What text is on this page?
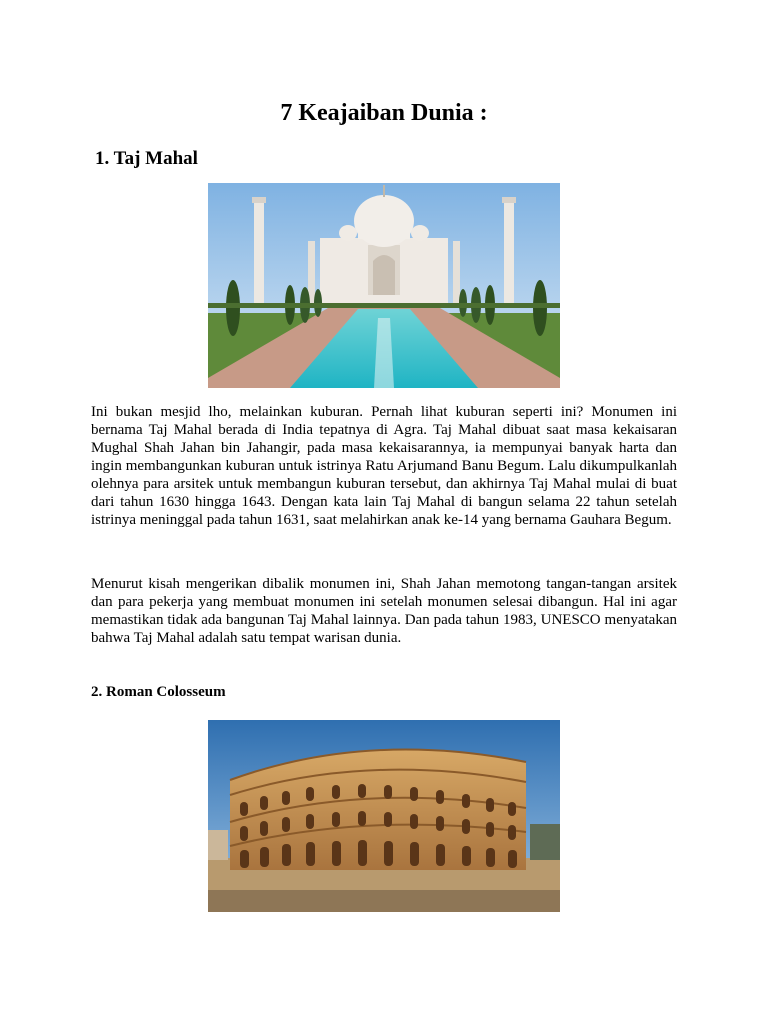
7 Keajaiban Dunia :
1. Taj Mahal

Ini bukan mesjid lho, melainkan kuburan. Pernah lihat kuburan seperti ini? Monumen ini bernama Taj Mahal berada di India tepatnya di Agra. Taj Mahal dibuat saat masa kekaisaran Mughal Shah Jahan bin Jahangir, pada masa kekaisarannya, ia mempunyai banyak harta dan ingin membangunkan kuburan untuk istrinya Ratu Arjumand Banu Begum. Lalu dikumpulkanlah olehnya para arsitek untuk membangun kuburan tersebut, dan akhirnya Taj Mahal mulai di buat dari tahun 1630 hingga 1643. Dengan kata lain Taj Mahal di bangun selama 22 tahun setelah istrinya meninggal pada tahun 1631, saat melahirkan anak ke-14 yang bernama Gauhara Begum.

Menurut kisah mengerikan dibalik monumen ini, Shah Jahan memotong tangan-tangan arsitek dan para pekerja yang membuat monumen ini setelah monumen selesai dibangun. Hal ini agar memastikan tidak ada bangunan Taj Mahal lainnya. Dan pada tahun 1983, UNESCO menyatakan bahwa Taj Mahal adalah satu tempat warisan dunia.

2. Roman Colosseum
